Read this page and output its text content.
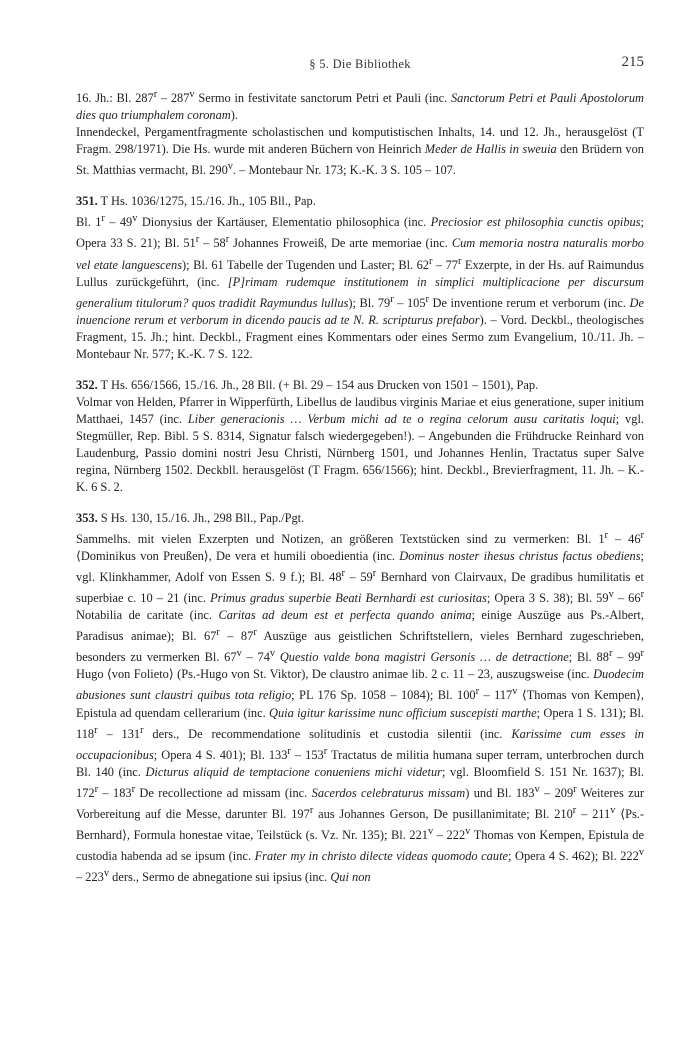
§ 5. Die Bibliothek	215

16. Jh.: Bl. 287$^r$ – 287$^v$ Sermo in festivitate sanctorum Petri et Pauli (inc. Sanctorum Petri et Pauli Apostolorum dies quo triumphalem coronam).

Innendeckel, Pergamentfragmente scholastischen und komputistischen Inhalts, 14. und 12. Jh., herausgelöst (T Fragm. 298/1971). Die Hs. wurde mit anderen Büchern von Heinrich Meder de Hallis in sweuia den Brüdern von St. Matthias vermacht, Bl. 290$^v$. – Montebaur Nr. 173; K.-K. 3 S. 105 – 107.

351. T Hs. 1036/1275, 15./16. Jh., 105 Bll., Pap.

Bl. 1$^r$ – 49$^v$ Dionysius der Kartäuser, Elementatio philosophica (inc. Preciosior est philosophia cunctis opibus; Opera 33 S. 21); Bl. 51$^r$ – 58$^r$ Johannes Froweiß, De arte memoriae (inc. Cum memoria nostra naturalis morbo vel etate languescens); Bl. 61 Tabelle der Tugenden und Laster; Bl. 62$^r$ – 77$^r$ Exzerpte, in der Hs. auf Raimundus Lullus zurückgeführt, (inc. [P]rimam rudemque institutionem in simplici multiplicacione per discursum generalium titulorum? quos tradidit Raymundus lullus); Bl. 79$^r$ – 105$^r$ De inventione rerum et verborum (inc. De inuencione rerum et verborum in dicendo paucis ad te N. R. scripturus prefabor). – Vord. Deckbl., theologisches Fragment, 15. Jh.; hint. Deckbl., Fragment eines Kommentars oder eines Sermo zum Evangelium, 10./11. Jh. – Montebaur Nr. 577; K.-K. 7 S. 122.

352. T Hs. 656/1566, 15./16. Jh., 28 Bll. (+ Bl. 29 – 154 aus Drucken von 1501 – 1501), Pap.

Volmar von Helden, Pfarrer in Wipperfürth, Libellus de laudibus virginis Mariae et eius generatione, super initium Matthaei, 1457 (inc. Liber generacionis … Verbum michi ad te o regina celorum ausu caritatis loqui; vgl. Stegmüller, Rep. Bibl. 5 S. 8314, Signatur falsch wiedergegeben!). – Angebunden die Frühdrucke Reinhard von Laudenburg, Passio domini nostri Jesu Christi, Nürnberg 1501, und Johannes Henlin, Tractatus super Salve regina, Nürnberg 1502. Deckbll. herausgelöst (T Fragm. 656/1566); hint. Deckbl., Brevierfragment, 11. Jh. – K.-K. 6 S. 2.

353. S Hs. 130, 15./16. Jh., 298 Bll., Pap./Pgt.

Sammelhs. mit vielen Exzerpten und Notizen, an größeren Textstücken sind zu vermerken: Bl. 1$^r$ – 46$^r$ ⟨Dominikus von Preußen⟩, De vera et humili oboedientia (inc. Dominus noster ihesus christus factus obediens; vgl. Klinkhammer, Adolf von Essen S. 9 f.); Bl. 48$^r$ – 59$^r$ Bernhard von Clairvaux, De gradibus humilitatis et superbiae c. 10 – 21 (inc. Primus gradus superbie Beati Bernhardi est curiositas; Opera 3 S. 38); Bl. 59$^v$ – 66$^r$ Notabilia de caritate (inc. Caritas ad deum est et perfecta quando anima; einige Auszüge aus Ps.-Albert, Paradisus animae); Bl. 67$^r$ – 87$^r$ Auszüge aus geistlichen Schriftstellern, vieles Bernhard zugeschrieben, besonders zu vermerken Bl. 67$^v$ – 74$^v$ Questio valde bona magistri Gersonis … de detractione; Bl. 88$^r$ – 99$^r$ Hugo ⟨von Folieto⟩ (Ps.-Hugo von St. Viktor), De claustro animae lib. 2 c. 11 – 23, auszugsweise (inc. Duodecim abusiones sunt claustri quibus tota religio; PL 176 Sp. 1058 – 1084); Bl. 100$^r$ – 117$^v$ ⟨Thomas von Kempen⟩, Epistula ad quendam cellerarium (inc. Quia igitur karissime nunc officium suscepisti marthe; Opera 1 S. 131); Bl. 118$^r$ – 131$^r$ ders., De recommendatione solitudinis et custodia silentii (inc. Karissime cum esses in occupacionibus; Opera 4 S. 401); Bl. 133$^r$ – 153$^r$ Tractatus de militia humana super terram, unterbrochen durch Bl. 140 (inc. Dicturus aliquid de temptacione conueniens michi videtur; vgl. Bloomfield S. 151 Nr. 1637); Bl. 172$^r$ – 183$^r$ De recollectione ad missam (inc. Sacerdos celebraturus missam) und Bl. 183$^v$ – 209$^r$ Weiteres zur Vorbereitung auf die Messe, darunter Bl. 197$^r$ aus Johannes Gerson, De pusillanimitate; Bl. 210$^r$ – 211$^v$ ⟨Ps.-Bernhard⟩, Formula honestae vitae, Teilstück (s. Vz. Nr. 135); Bl. 221$^v$ – 222$^v$ Thomas von Kempen, Epistula de custodia habenda ad se ipsum (inc. Frater my in christo dilecte videas quomodo caute; Opera 4 S. 462); Bl. 222$^v$ – 223$^v$ ders., Sermo de abnegatione sui ipsius (inc. Qui non
